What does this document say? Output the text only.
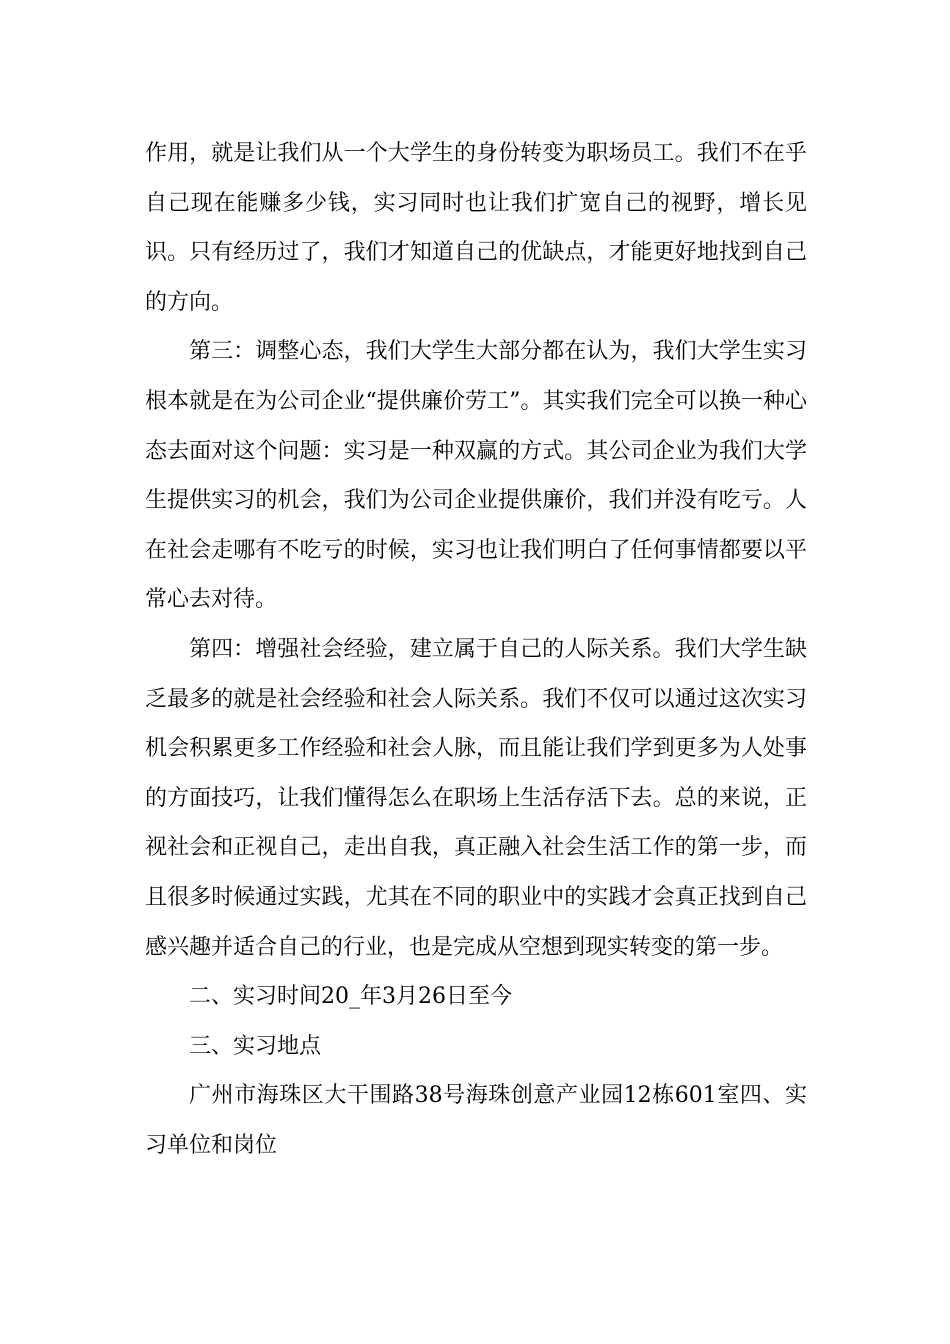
作用，就是让我们从一个大学生的身份转变为职场员工。我们不在乎自己现在能赚多少钱，实习同时也让我们扩宽自己的视野，增长见识。只有经历过了，我们才知道自己的优缺点，才能更好地找到自己的方向。

第三：调整心态，我们大学生大部分都在认为，我们大学生实习根本就是在为公司企业“提供廉价劳工”。其实我们完全可以换一种心态去面对这个问题：实习是一种双赢的方式。其公司企业为我们大学生提供实习的机会，我们为公司企业提供廉价，我们并没有吃亏。人在社会走哪有不吃亏的时候，实习也让我们明白了任何事情都要以平常心去对待。

第四：增强社会经验，建立属于自己的人际关系。我们大学生缺乏最多的就是社会经验和社会人际关系。我们不仅可以通过这次实习机会积累更多工作经验和社会人脉，而且能让我们学到更多为人处事的方面技巧，让我们懂得怎么在职场上生活存活下去。总的来说，正视社会和正视自己，走出自我，真正融入社会生活工作的第一步，而且很多时候通过实践，尤其在不同的职业中的实践才会真正找到自己感兴趣并适合自己的行业，也是完成从空想到现实转变的第一步。

二、实习时间20_年3月26日至今

三、实习地点

广州市海珠区大干围路38号海珠创意产业园12栋601室四、实习单位和岗位
